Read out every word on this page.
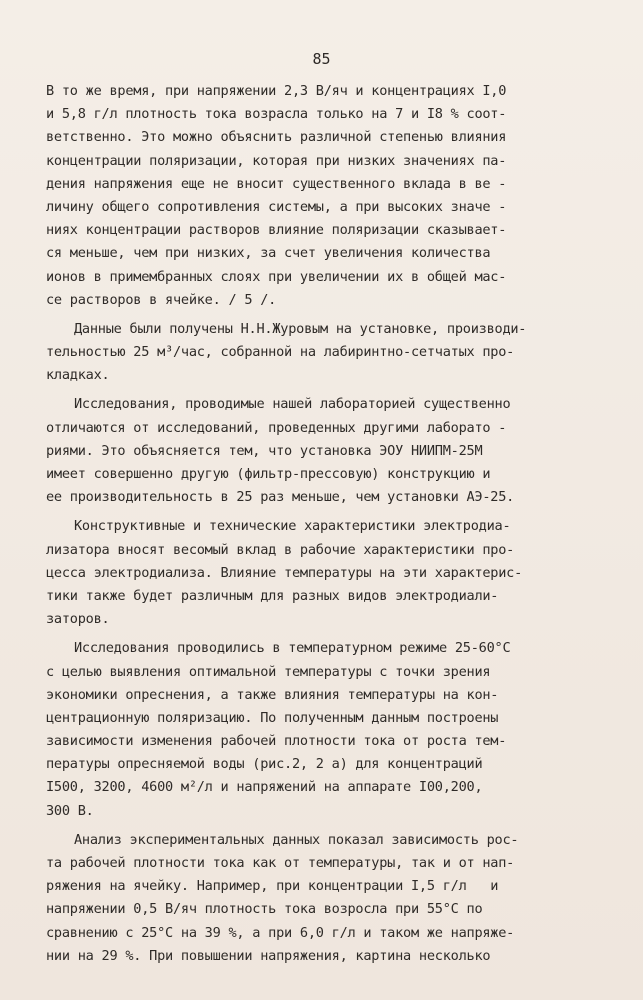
85
В то же время, при напряжении 2,3 В/яч и концентрациях I,0
и 5,8 г/л плотность тока возрасла только на 7 и I8 % соот-
ветственно. Это можно объяснить различной степенью влияния
концентрации поляризации, которая при низких значениях па-
дения напряжения еще не вносит существенного вклада в ве -
личину общего сопротивления системы, а при высоких значе -
ниях концентрации растворов влияние поляризации сказывает-
ся меньше, чем при низких, за счет увеличения количества
ионов в примембранных слоях при увеличении их в общей мас-
се растворов в ячейке. / 5 /.
Данные были получены Н.Н.Журовым на установке, производи-
тельностью 25 м³/час, собранной на лабиринтно-сетчатых про-
кладках.
Исследования, проводимые нашей лабораторией существенно
отличаются от исследований, проведенных другими лаборато -
риями. Это объясняется тем, что установка ЭОУ НИИПМ-25М
имеет совершенно другую (фильтр-прессовую) конструкцию и
ее производительность в 25 раз меньше, чем установки АЭ-25.
Конструктивные и технические характеристики электродиа-
лизатора вносят весомый вклад в рабочие характеристики про-
цесса электродиализа. Влияние температуры на эти характерис-
тики также будет различным для разных видов электродиали-
заторов.
Исследования проводились в температурном режиме 25-60°С
с целью выявления оптимальной температуры с точки зрения
экономики опреснения, а также влияния температуры на кон-
центрационную поляризацию. По полученным данным построены
зависимости изменения рабочей плотности тока от роста тем-
пературы опресняемой воды (рис.2, 2 а) для концентраций
I500, 3200, 4600 м²/л и напряжений на аппарате I00,200,
300 В.
Анализ экспериментальных данных показал зависимость рос-
та рабочей плотности тока как от температуры, так и от нап-
ряжения на ячейку. Например, при концентрации I,5 г/л   и
напряжении 0,5 В/яч плотность тока возросла при 55°С по
сравнению с 25°С на 39 %, а при 6,0 г/л и таком же напряже-
нии на 29 %. При повышении напряжения, картина несколько
